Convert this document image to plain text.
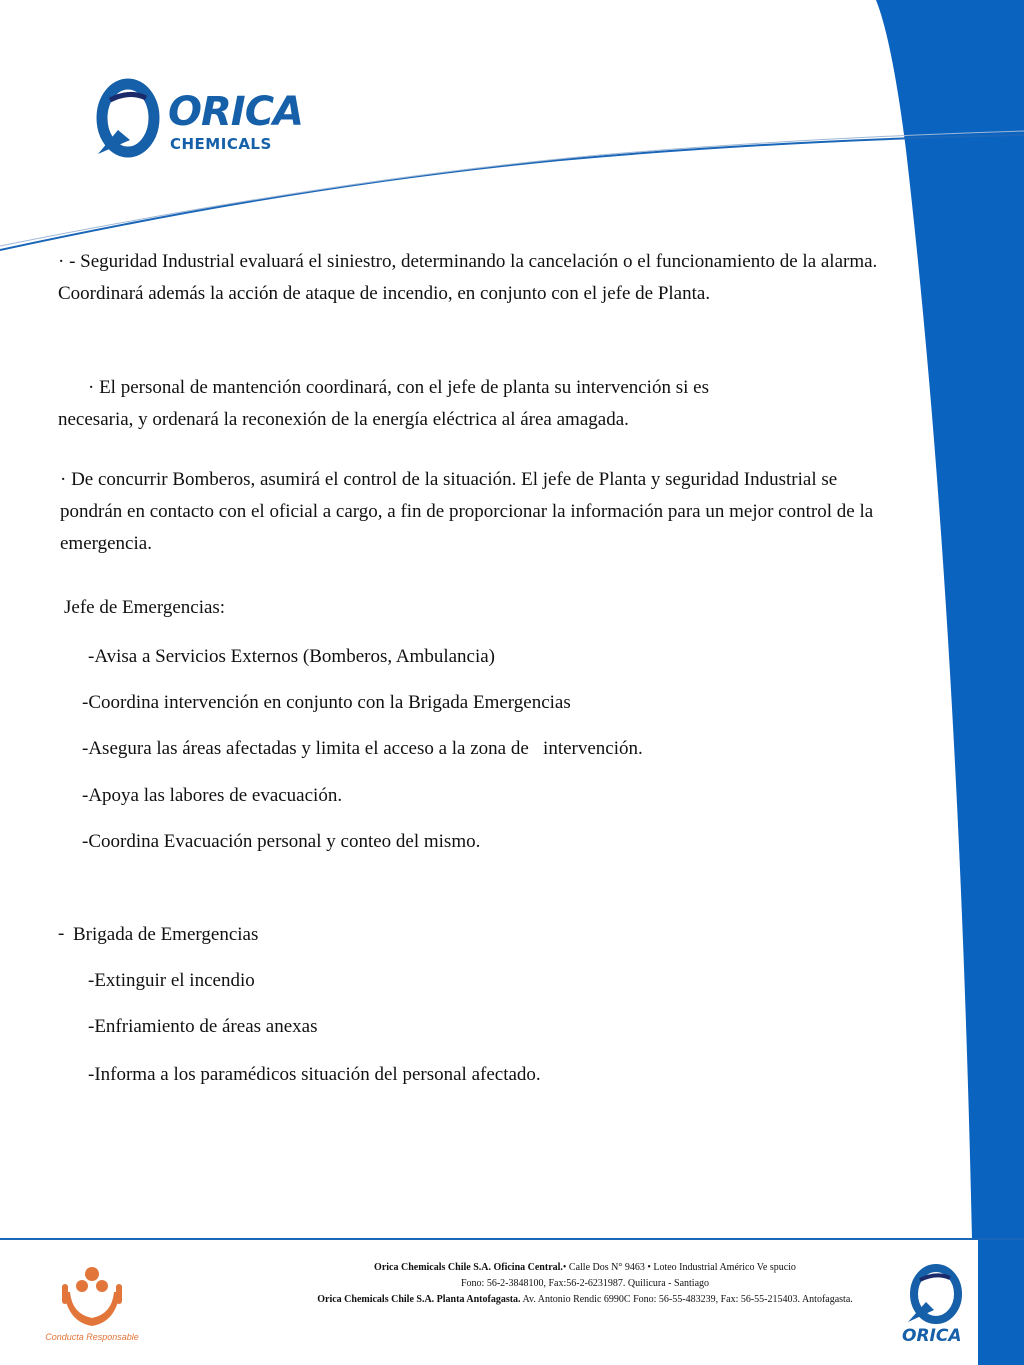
ORICA
CHEMICALS

· - Seguridad Industrial evaluará el siniestro, determinando la cancelación o el funcionamiento de la alarma. Coordinará además la acción de ataque de incendio, en conjunto con el jefe de Planta.

· El personal de mantención coordinará, con el jefe de planta su intervención si es
necesaria, y ordenará la reconexión de la energía eléctrica al área amagada.

· De concurrir Bomberos, asumirá el control de la situación. El jefe de Planta y seguridad Industrial se pondrán en contacto con el oficial a cargo, a fin de proporcionar la información para un mejor control de la emergencia.

Jefe de Emergencias:
-Avisa a Servicios Externos (Bomberos, Ambulancia)
-Coordina intervención en conjunto con la Brigada Emergencias
-Asegura las áreas afectadas y limita el acceso a la zona de   intervención.
-Apoya las labores de evacuación.
-Coordina Evacuación personal y conteo del mismo.
- Brigada de Emergencias
-Extinguir el incendio
-Enfriamiento de áreas anexas
-Informa a los paramédicos situación del personal afectado.
Conducta Responsable
Orica Chemicals Chile S.A. Oficina Central.• Calle Dos N° 9463 • Loteo Industrial Américo Ve spucio
Fono: 56-2-3848100, Fax:56-2-6231987. Quilicura - Santiago
Orica Chemicals Chile S.A. Planta Antofagasta. Av. Antonio Rendic 6990C Fono: 56-55-483239, Fax: 56-55-215403. Antofagasta.
ORICA
